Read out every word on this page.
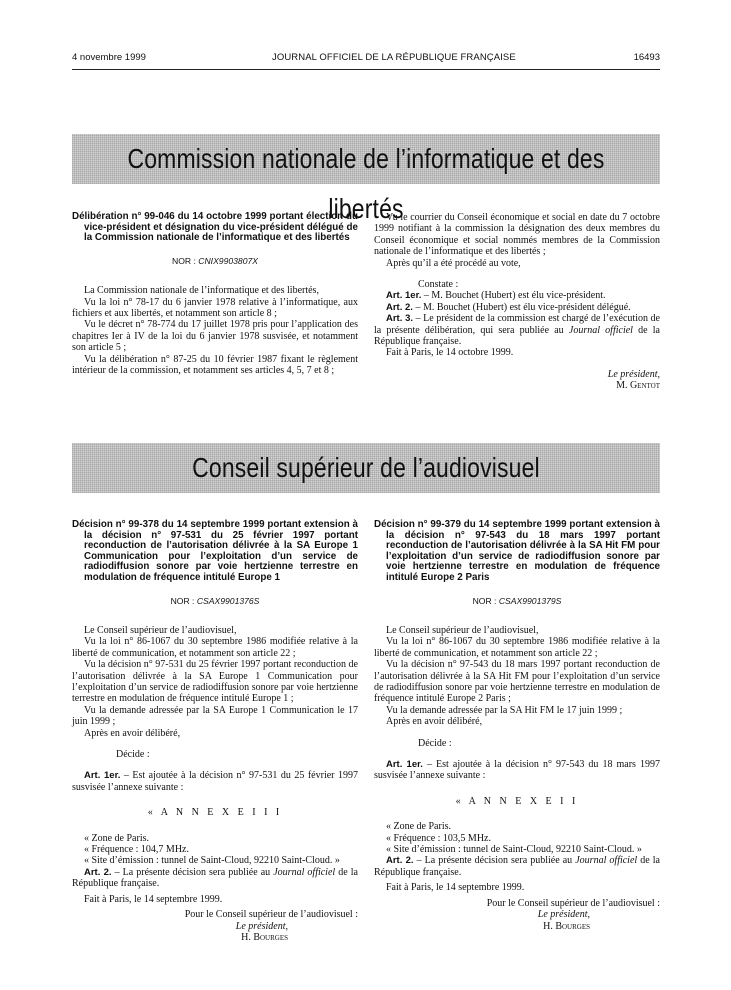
4 novembre 1999	JOURNAL OFFICIEL DE LA RÉPUBLIQUE FRANÇAISE	16493
Commission nationale de l’informatique et des libertés

Délibération n° 99-046 du 14 octobre 1999 portant élection du vice-président et désignation du vice-président délégué de la Commission nationale de l’informatique et des libertés

NOR : CNIX9903807X

La Commission nationale de l’informatique et des libertés,

Vu la loi n° 78-17 du 6 janvier 1978 relative à l’informatique, aux fichiers et aux libertés, et notamment son article 8 ;

Vu le décret n° 78-774 du 17 juillet 1978 pris pour l’application des chapitres Ier à IV de la loi du 6 janvier 1978 susvisée, et notamment son article 5 ;

Vu la délibération n° 87-25 du 10 février 1987 fixant le règlement intérieur de la commission, et notamment ses articles 4, 5, 7 et 8 ;

Vu le courrier du Conseil économique et social en date du 7 octobre 1999 notifiant à la commission la désignation des deux membres du Conseil économique et social nommés membres de la Commission nationale de l’informatique et des libertés ;

Après qu’il a été procédé au vote,

Constate :

Art. 1er. – M. Bouchet (Hubert) est élu vice-président.

Art. 2. – M. Bouchet (Hubert) est élu vice-président délégué.

Art. 3. – Le président de la commission est chargé de l’exécution de la présente délibération, qui sera publiée au Journal officiel de la République française.

Fait à Paris, le 14 octobre 1999.

Le président,

M. Gentot

Conseil supérieur de l’audiovisuel

Décision n° 99-378 du 14 septembre 1999 portant extension à la décision n° 97-531 du 25 février 1997 portant reconduction de l’autorisation délivrée à la SA Europe 1 Communication pour l’exploitation d’un service de radiodiffusion sonore par voie hertzienne terrestre en modulation de fréquence intitulé Europe 1

NOR : CSAX9901376S

Le Conseil supérieur de l’audiovisuel,

Vu la loi n° 86-1067 du 30 septembre 1986 modifiée relative à la liberté de communication, et notamment son article 22 ;

Vu la décision n° 97-531 du 25 février 1997 portant reconduction de l’autorisation délivrée à la SA Europe 1 Communication pour l’exploitation d’un service de radiodiffusion sonore par voie hertzienne terrestre en modulation de fréquence intitulé Europe 1 ;

Vu la demande adressée par la SA Europe 1 Communication le 17 juin 1999 ;

Après en avoir délibéré,

Décide :

Art. 1er. – Est ajoutée à la décision n° 97-531 du 25 février 1997 susvisée l’annexe suivante :

« A N N E X E I I I

« Zone de Paris.

« Fréquence : 104,7 MHz.

« Site d’émission : tunnel de Saint-Cloud, 92210 Saint-Cloud. »

Art. 2. – La présente décision sera publiée au Journal officiel de la République française.

Fait à Paris, le 14 septembre 1999.

Pour le Conseil supérieur de l’audiovisuel :

Le président,

H. Bourges

Décision n° 99-379 du 14 septembre 1999 portant extension à la décision n° 97-543 du 18 mars 1997 portant reconduction de l’autorisation délivrée à la SA Hit FM pour l’exploitation d’un service de radiodiffusion sonore par voie hertzienne terrestre en modulation de fréquence intitulé Europe 2 Paris

NOR : CSAX9901379S

Le Conseil supérieur de l’audiovisuel,

Vu la loi n° 86-1067 du 30 septembre 1986 modifiée relative à la liberté de communication, et notamment son article 22 ;

Vu la décision n° 97-543 du 18 mars 1997 portant reconduction de l’autorisation délivrée à la SA Hit FM pour l’exploitation d’un service de radiodiffusion sonore par voie hertzienne terrestre en modulation de fréquence intitulé Europe 2 Paris ;

Vu la demande adressée par la SA Hit FM le 17 juin 1999 ;

Après en avoir délibéré,

Décide :

Art. 1er. – Est ajoutée à la décision n° 97-543 du 18 mars 1997 susvisée l’annexe suivante :

« A N N E X E I I

« Zone de Paris.

« Fréquence : 103,5 MHz.

« Site d’émission : tunnel de Saint-Cloud, 92210 Saint-Cloud. »

Art. 2. – La présente décision sera publiée au Journal officiel de la République française.

Fait à Paris, le 14 septembre 1999.

Pour le Conseil supérieur de l’audiovisuel :

Le président,

H. Bourges
